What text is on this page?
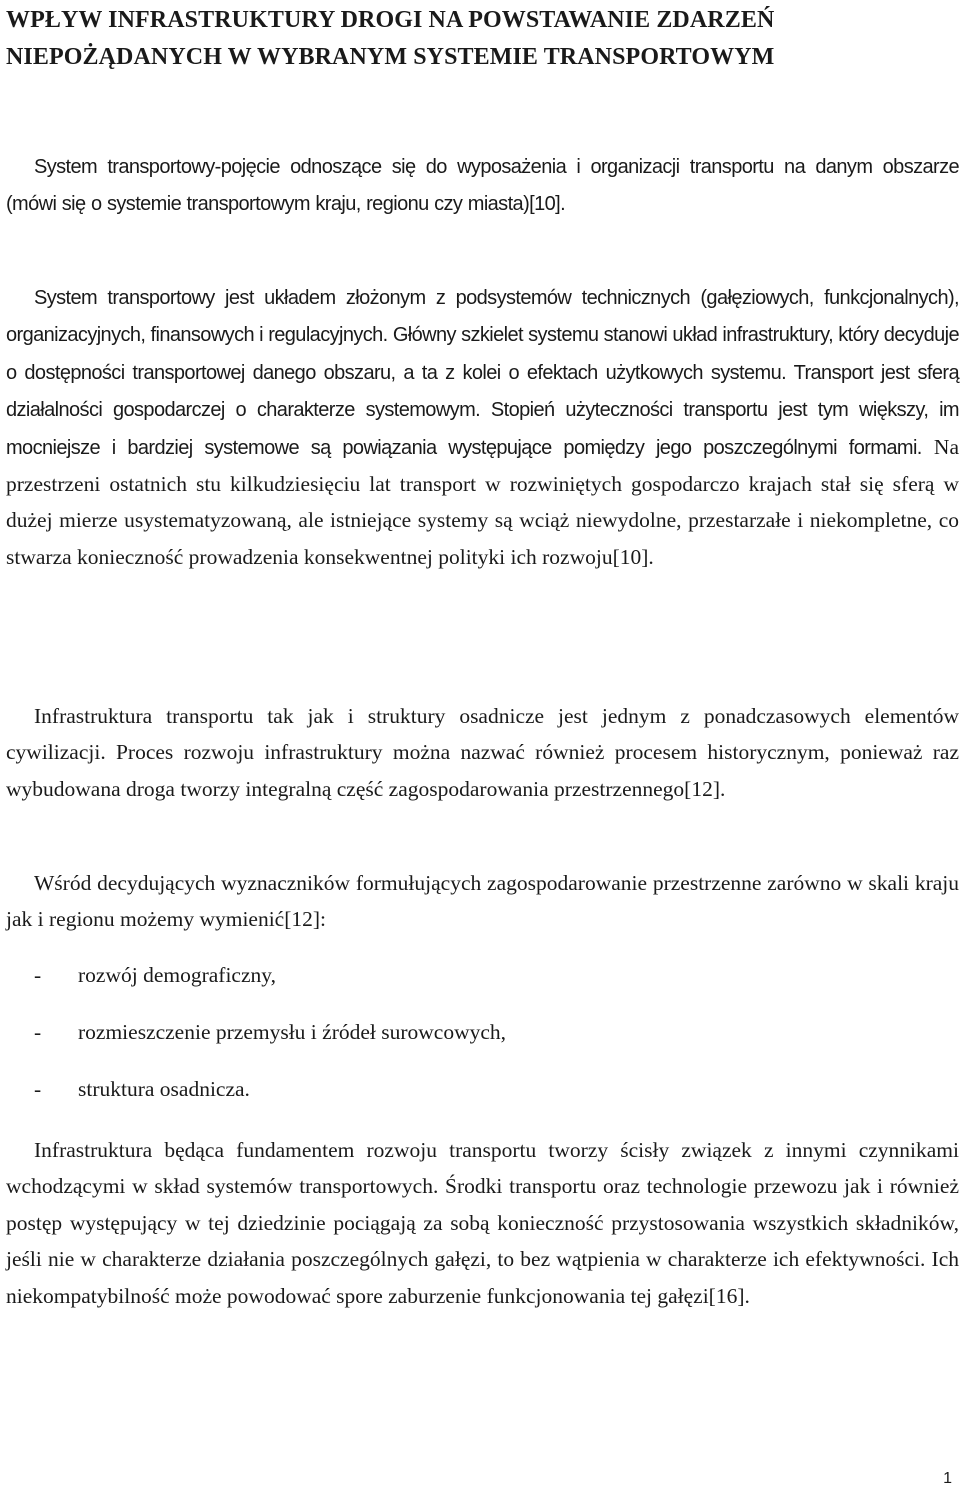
WPŁYW INFRASTRUKTURY DROGI NA POWSTAWANIE ZDARZEŃ
NIEPOŻĄDANYCH W WYBRANYM SYSTEMIE TRANSPORTOWYM

System transportowy-pojęcie odnoszące się do wyposażenia i organizacji transportu na danym obszarze (mówi się o systemie transportowym kraju, regionu czy miasta)[10].

System transportowy jest układem złożonym z podsystemów technicznych (gałęziowych, funkcjonalnych), organizacyjnych, finansowych i regulacyjnych. Główny szkielet systemu stanowi układ infrastruktury, który decyduje o dostępności transportowej danego obszaru, a ta z kolei o efektach użytkowych systemu. Transport jest sferą działalności gospodarczej o charakterze systemowym. Stopień użyteczności transportu jest tym większy, im mocniejsze i bardziej systemowe są powiązania występujące pomiędzy jego poszczególnymi formami. Na przestrzeni ostatnich stu kilkudziesięciu lat transport w rozwiniętych gospodarczo krajach stał się sferą w dużej mierze usystematyzowaną, ale istniejące systemy są wciąż niewydolne, przestarzałe i niekompletne, co stwarza konieczność prowadzenia konsekwentnej polityki ich rozwoju[10].

Infrastruktura transportu tak jak i struktury osadnicze jest jednym z ponadczasowych elementów cywilizacji. Proces rozwoju infrastruktury można nazwać również procesem historycznym, ponieważ raz wybudowana droga tworzy integralną część zagospodarowania przestrzennego[12].

Wśród decydujących wyznaczników formułujących zagospodarowanie przestrzenne zarówno w skali kraju jak i regionu możemy wymienić[12]:

- rozwój demograficzny,
- rozmieszczenie przemysłu i źródeł surowcowych,
- struktura osadnicza.

Infrastruktura będąca fundamentem rozwoju transportu tworzy ścisły związek z innymi czynnikami wchodzącymi w skład systemów transportowych. Środki transportu oraz technologie przewozu jak i również postęp występujący w tej dziedzinie pociągają za sobą konieczność przystosowania wszystkich składników, jeśli nie w charakterze działania poszczególnych gałęzi, to bez wątpienia w charakterze ich efektywności. Ich niekompatybilność może powodować spore zaburzenie funkcjonowania tej gałęzi[16].

1
